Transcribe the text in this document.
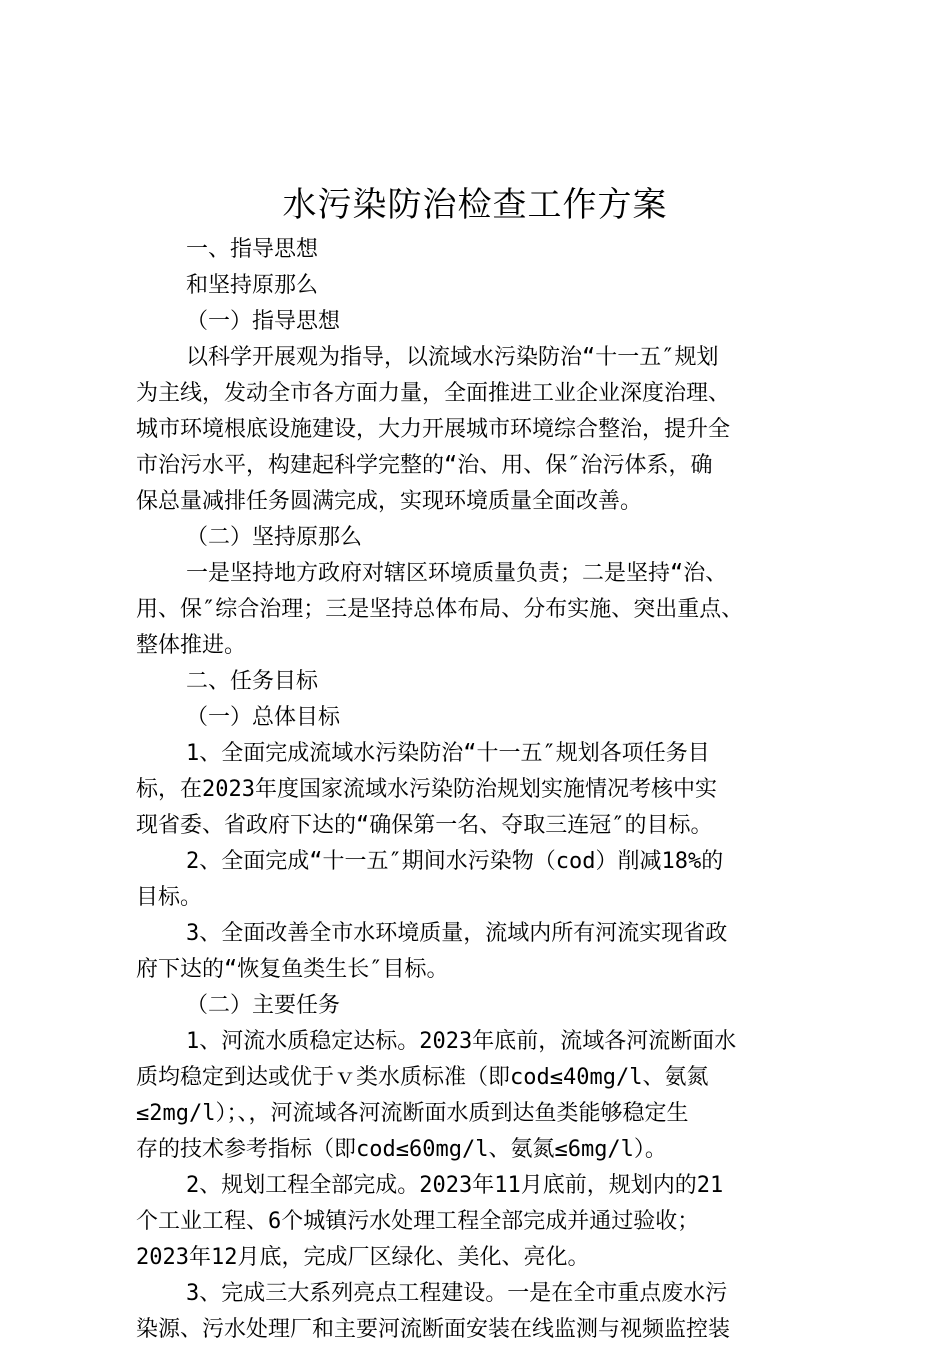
水污染防治检查工作方案
一、指导思想
和坚持原那么
（一）指导思想
以科学开展观为指导，以流域水污染防治“十一五″规划
为主线，发动全市各方面力量，全面推进工业企业深度治理、
城市环境根底设施建设，大力开展城市环境综合整治，提升全
市治污水平，构建起科学完整的“治、用、保″治污体系，确
保总量减排任务圆满完成，实现环境质量全面改善。
（二）坚持原那么
一是坚持地方政府对辖区环境质量负责；二是坚持“治、
用、保″综合治理；三是坚持总体布局、分布实施、突出重点、
整体推进。
二、任务目标
（一）总体目标
1、全面完成流域水污染防治“十一五″规划各项任务目
标，在2023年度国家流域水污染防治规划实施情况考核中实
现省委、省政府下达的“确保第一名、夺取三连冠″的目标。
2、全面完成“十一五″期间水污染物（cod）削减18%的
目标。
3、全面改善全市水环境质量，流域内所有河流实现省政
府下达的“恢复鱼类生长″目标。
（二）主要任务
1、河流水质稳定达标。2023年底前，流域各河流断面水
质均稳定到达或优于ｖ类水质标准（即cod≤40mg/l、氨氮
≤2mg/l）；、，河流域各河流断面水质到达鱼类能够稳定生
存的技术参考指标（即cod≤60mg/l、氨氮≤6mg/l）。
2、规划工程全部完成。2023年11月底前，规划内的21
个工业工程、6个城镇污水处理工程全部完成并通过验收；
2023年12月底，完成厂区绿化、美化、亮化。
3、完成三大系列亮点工程建设。一是在全市重点废水污
染源、污水处理厂和主要河流断面安装在线监测与视频监控装
